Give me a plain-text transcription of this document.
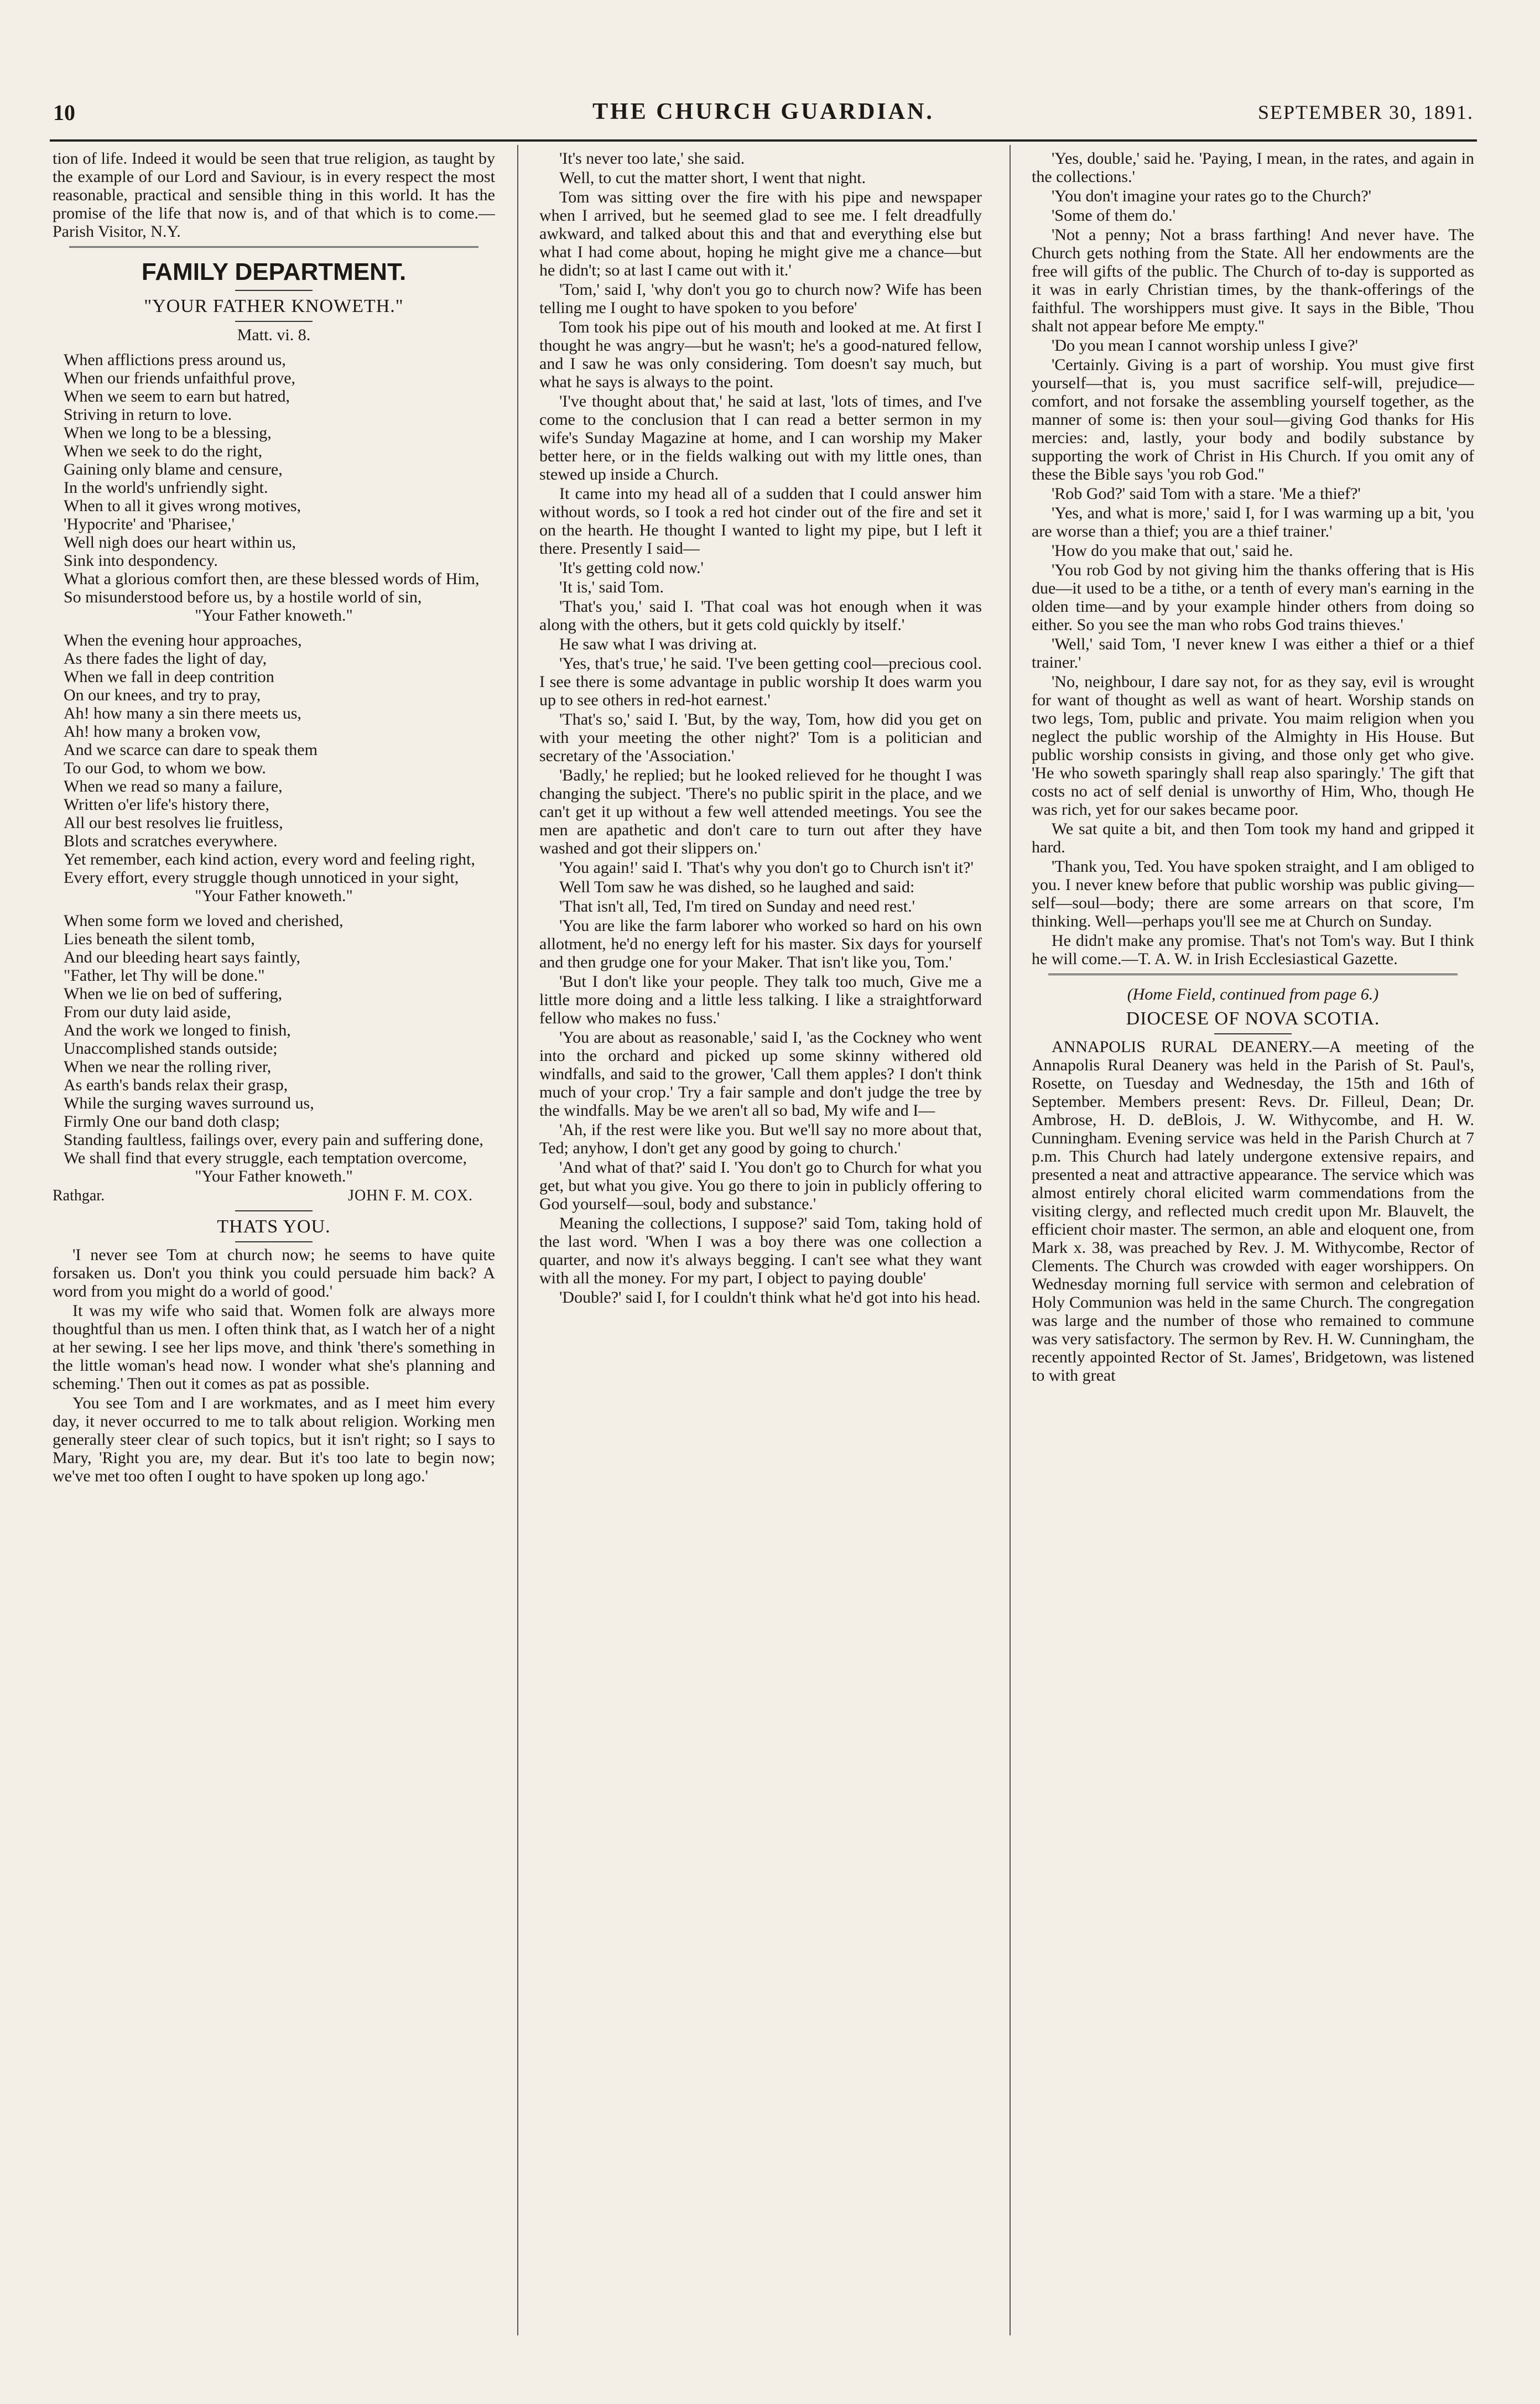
10	THE CHURCH GUARDIAN.	SEPTEMBER 30, 1891.

tion of life. Indeed it would be seen that true religion, as taught by the example of our Lord and Saviour, is in every respect the most reasonable, practical and sensible thing in this world. It has the promise of the life that now is, and of that which is to come.—Parish Visitor, N.Y.

FAMILY DEPARTMENT.
"YOUR FATHER KNOWETH."
Matt. vi. 8.
When afflictions press around us,
When our friends unfaithful prove,
When we seem to earn but hatred,
Striving in return to love.
When we long to be a blessing,
When we seek to do the right,
Gaining only blame and censure,
In the world's unfriendly sight.
When to all it gives wrong motives,
'Hypocrite' and 'Pharisee,'
Well nigh does our heart within us,
Sink into despondency.
What a glorious comfort then, are these blessed words of Him,
So misunderstood before us, by a hostile world of sin,
"Your Father knoweth."
When the evening hour approaches,
As there fades the light of day,
When we fall in deep contrition
On our knees, and try to pray,
Ah! how many a sin there meets us,
Ah! how many a broken vow,
And we scarce can dare to speak them
To our God, to whom we bow.
When we read so many a failure,
Written o'er life's history there,
All our best resolves lie fruitless,
Blots and scratches everywhere.
Yet remember, each kind action, every word and feeling right,
Every effort, every struggle though unnoticed in your sight,
"Your Father knoweth."
When some form we loved and cherished,
Lies beneath the silent tomb,
And our bleeding heart says faintly,
"Father, let Thy will be done."
When we lie on bed of suffering,
From our duty laid aside,
And the work we longed to finish,
Unaccomplished stands outside;
When we near the rolling river,
As earth's bands relax their grasp,
While the surging waves surround us,
Firmly One our band doth clasp;
Standing faultless, failings over, every pain and suffering done,
We shall find that every struggle, each temptation overcome,
"Your Father knoweth."
Rathgar.	JOHN F. M. COX.
THATS YOU.

'I never see Tom at church now; he seems to have quite forsaken us. Don't you think you could persuade him back? A word from you might do a world of good.'

It was my wife who said that. Women folk are always more thoughtful than us men. I often think that, as I watch her of a night at her sewing. I see her lips move, and think 'there's something in the little woman's head now. I wonder what she's planning and scheming.' Then out it comes as pat as possible.

You see Tom and I are workmates, and as I meet him every day, it never occurred to me to talk about religion. Working men generally steer clear of such topics, but it isn't right; so I says to Mary, 'Right you are, my dear. But it's too late to begin now; we've met too often I ought to have spoken up long ago.'

'It's never too late,' she said.

Well, to cut the matter short, I went that night.

Tom was sitting over the fire with his pipe and newspaper when I arrived, but he seemed glad to see me. I felt dreadfully awkward, and talked about this and that and everything else but what I had come about, hoping he might give me a chance—but he didn't; so at last I came out with it.'

'Tom,' said I, 'why don't you go to church now? Wife has been telling me I ought to have spoken to you before'

Tom took his pipe out of his mouth and looked at me. At first I thought he was angry—but he wasn't; he's a good-natured fellow, and I saw he was only considering. Tom doesn't say much, but what he says is always to the point.

'I've thought about that,' he said at last, 'lots of times, and I've come to the conclusion that I can read a better sermon in my wife's Sunday Magazine at home, and I can worship my Maker better here, or in the fields walking out with my little ones, than stewed up inside a Church.

It came into my head all of a sudden that I could answer him without words, so I took a red hot cinder out of the fire and set it on the hearth. He thought I wanted to light my pipe, but I left it there. Presently I said—

'It's getting cold now.'

'It is,' said Tom.

'That's you,' said I. 'That coal was hot enough when it was along with the others, but it gets cold quickly by itself.'

He saw what I was driving at.

'Yes, that's true,' he said. 'I've been getting cool—precious cool. I see there is some advantage in public worship It does warm you up to see others in red-hot earnest.'

'That's so,' said I. 'But, by the way, Tom, how did you get on with your meeting the other night?' Tom is a politician and secretary of the 'Association.'

'Badly,' he replied; but he looked relieved for he thought I was changing the subject. 'There's no public spirit in the place, and we can't get it up without a few well attended meetings. You see the men are apathetic and don't care to turn out after they have washed and got their slippers on.'

'You again!' said I. 'That's why you don't go to Church isn't it?'

Well Tom saw he was dished, so he laughed and said:

'That isn't all, Ted, I'm tired on Sunday and need rest.'

'You are like the farm laborer who worked so hard on his own allotment, he'd no energy left for his master. Six days for yourself and then grudge one for your Maker. That isn't like you, Tom.'

'But I don't like your people. They talk too much, Give me a little more doing and a little less talking. I like a straightforward fellow who makes no fuss.'

'You are about as reasonable,' said I, 'as the Cockney who went into the orchard and picked up some skinny withered old windfalls, and said to the grower, 'Call them apples? I don't think much of your crop.' Try a fair sample and don't judge the tree by the windfalls. May be we aren't all so bad, My wife and I—

'Ah, if the rest were like you. But we'll say no more about that, Ted; anyhow, I don't get any good by going to church.'

'And what of that?' said I. 'You don't go to Church for what you get, but what you give. You go there to join in publicly offering to God yourself—soul, body and substance.'

Meaning the collections, I suppose?' said Tom, taking hold of the last word. 'When I was a boy there was one collection a quarter, and now it's always begging. I can't see what they want with all the money. For my part, I object to paying double'

'Double?' said I, for I couldn't think what he'd got into his head.

'Yes, double,' said he. 'Paying, I mean, in the rates, and again in the collections.'

'You don't imagine your rates go to the Church?'

'Some of them do.'

'Not a penny; Not a brass farthing! And never have. The Church gets nothing from the State. All her endowments are the free will gifts of the public. The Church of to-day is supported as it was in early Christian times, by the thank-offerings of the faithful. The worshippers must give. It says in the Bible, 'Thou shalt not appear before Me empty.''

'Do you mean I cannot worship unless I give?'

'Certainly. Giving is a part of worship. You must give first yourself—that is, you must sacrifice self-will, prejudice—comfort, and not forsake the assembling yourself together, as the manner of some is: then your soul—giving God thanks for His mercies: and, lastly, your body and bodily substance by supporting the work of Christ in His Church. If you omit any of these the Bible says 'you rob God.''

'Rob God?' said Tom with a stare. 'Me a thief?'

'Yes, and what is more,' said I, for I was warming up a bit, 'you are worse than a thief; you are a thief trainer.'

'How do you make that out,' said he.

'You rob God by not giving him the thanks offering that is His due—it used to be a tithe, or a tenth of every man's earning in the olden time—and by your example hinder others from doing so either. So you see the man who robs God trains thieves.'

'Well,' said Tom, 'I never knew I was either a thief or a thief trainer.'

'No, neighbour, I dare say not, for as they say, evil is wrought for want of thought as well as want of heart. Worship stands on two legs, Tom, public and private. You maim religion when you neglect the public worship of the Almighty in His House. But public worship consists in giving, and those only get who give. 'He who soweth sparingly shall reap also sparingly.' The gift that costs no act of self denial is unworthy of Him, Who, though He was rich, yet for our sakes became poor.

We sat quite a bit, and then Tom took my hand and gripped it hard.

'Thank you, Ted. You have spoken straight, and I am obliged to you. I never knew before that public worship was public giving—self—soul—body; there are some arrears on that score, I'm thinking. Well—perhaps you'll see me at Church on Sunday.

He didn't make any promise. That's not Tom's way. But I think he will come.—T. A. W. in Irish Ecclesiastical Gazette.

(Home Field, continued from page 6.)
DIOCESE OF NOVA SCOTIA.

ANNAPOLIS RURAL DEANERY.—A meeting of the Annapolis Rural Deanery was held in the Parish of St. Paul's, Rosette, on Tuesday and Wednesday, the 15th and 16th of September. Members present: Revs. Dr. Filleul, Dean; Dr. Ambrose, H. D. deBlois, J. W. Withycombe, and H. W. Cunningham. Evening service was held in the Parish Church at 7 p.m. This Church had lately undergone extensive repairs, and presented a neat and attractive appearance. The service which was almost entirely choral elicited warm commendations from the visiting clergy, and reflected much credit upon Mr. Blauvelt, the efficient choir master. The sermon, an able and eloquent one, from Mark x. 38, was preached by Rev. J. M. Withycombe, Rector of Clements. The Church was crowded with eager worshippers. On Wednesday morning full service with sermon and celebration of Holy Communion was held in the same Church. The congregation was large and the number of those who remained to commune was very satisfactory. The sermon by Rev. H. W. Cunningham, the recently appointed Rector of St. James', Bridgetown, was listened to with great
